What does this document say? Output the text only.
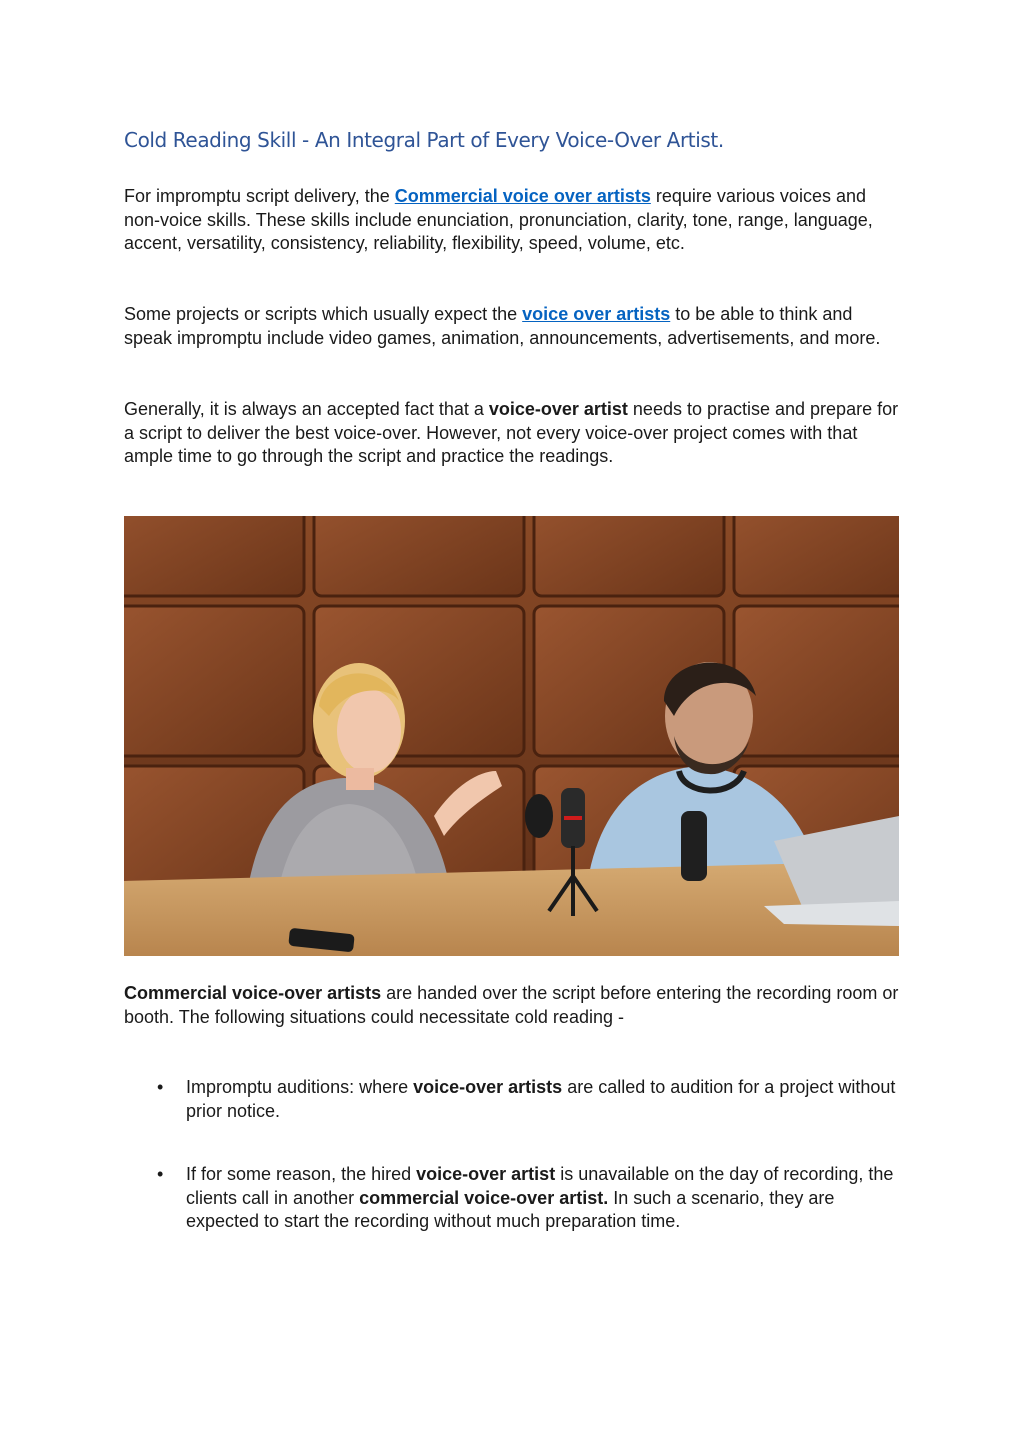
Cold Reading Skill - An Integral Part of Every Voice-Over Artist.

For impromptu script delivery, the Commercial voice over artists require various voices and non-voice skills. These skills include enunciation, pronunciation, clarity, tone, range, language, accent, versatility, consistency, reliability, flexibility, speed, volume, etc.

Some projects or scripts which usually expect the voice over artists to be able to think and speak impromptu include video games, animation, announcements, advertisements, and more.

Generally, it is always an accepted fact that a voice-over artist needs to practise and prepare for a script to deliver the best voice-over. However, not every voice-over project comes with that ample time to go through the script and practice the readings.

Commercial voice-over artists are handed over the script before entering the recording room or booth. The following situations could necessitate cold reading -

• Impromptu auditions: where voice-over artists are called to audition for a project without prior notice.
• If for some reason, the hired voice-over artist is unavailable on the day of recording, the clients call in another commercial voice-over artist. In such a scenario, they are expected to start the recording without much preparation time.
